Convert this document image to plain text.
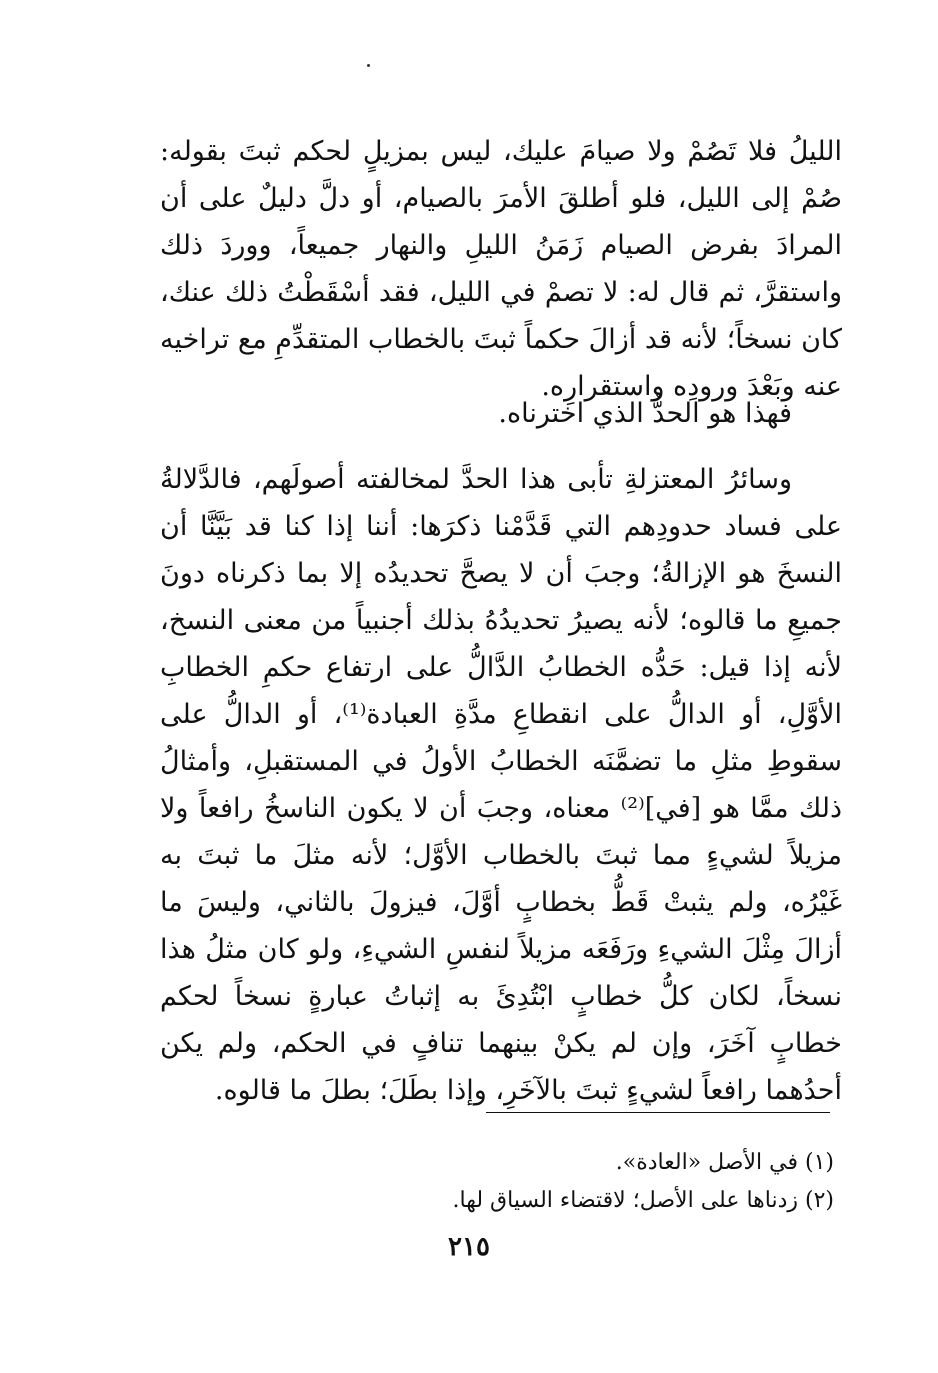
الليلُ فلا تَصُمْ ولا صيامَ عليك، ليس بمزيلٍ لحكم ثبتَ بقوله: صُمْ إلى الليل، فلو أطلقَ الأمرَ بالصيام، أو دلَّ دليلٌ على أن المرادَ بفرض الصيام زَمَنُ الليلِ والنهار جميعاً، ووردَ ذلك واستقرَّ، ثم قال له: لا تصمْ في الليل، فقد أسْقَطْتُ ذلك عنك، كان نسخاً؛ لأنه قد أزالَ حكماً ثبتَ بالخطاب المتقدِّمِ مع تراخيه عنه وبَعْدَ ورودِه واستقرارِه.

فهذا هو الحدُّ الذي اخترناه.

وسائرُ المعتزلةِ تأبى هذا الحدَّ لمخالفته أصولَهم، فالدَّلالةُ على فساد حدودِهم التي قَدَّمْنا ذكرَها: أننا إذا كنا قد بَيَّنَّا أن النسخَ هو الإزالةُ؛ وجبَ أن لا يصحَّ تحديدُه إلا بما ذكرناه دونَ جميعِ ما قالوه؛ لأنه يصيرُ تحديدُهُ بذلك أجنبياً من معنى النسخ، لأنه إذا قيل: حَدُّه الخطابُ الدَّالُّ على ارتفاع حكمِ الخطابِ الأوَّلِ، أو الدالُّ على انقطاعِ مدَّةِ العبادة⁽¹⁾، أو الدالُّ على سقوطِ مثلِ ما تضمَّنَه الخطابُ الأولُ في المستقبلِ، وأمثالُ ذلك ممَّا هو [في]⁽²⁾ معناه، وجبَ أن لا يكون الناسخُ رافعاً ولا مزيلاً لشيءٍ مما ثبتَ بالخطاب الأوَّل؛ لأنه مثلَ ما ثبتَ به غَيْرُه، ولم يثبتْ قَطُّ بخطابٍ أوَّلَ، فيزولَ بالثاني، وليسَ ما أزالَ مِثْلَ الشيءِ ورَفَعَه مزيلاً لنفسِ الشيءِ، ولو كان مثلُ هذا نسخاً، لكان كلُّ خطابٍ ابْتُدِئَ به إثباتُ عبارةٍ نسخاً لحكم خطابٍ آخَرَ، وإن لم يكنْ بينهما تنافٍ في الحكم، ولم يكن أحدُهما رافعاً لشيءٍ ثبتَ بالآخَرِ، وإذا بطَلَ؛ بطلَ ما قالوه.

(١) في الأصل «العادة».

(٢) زدناها على الأصل؛ لاقتضاء السياق لها.

٢١٥
